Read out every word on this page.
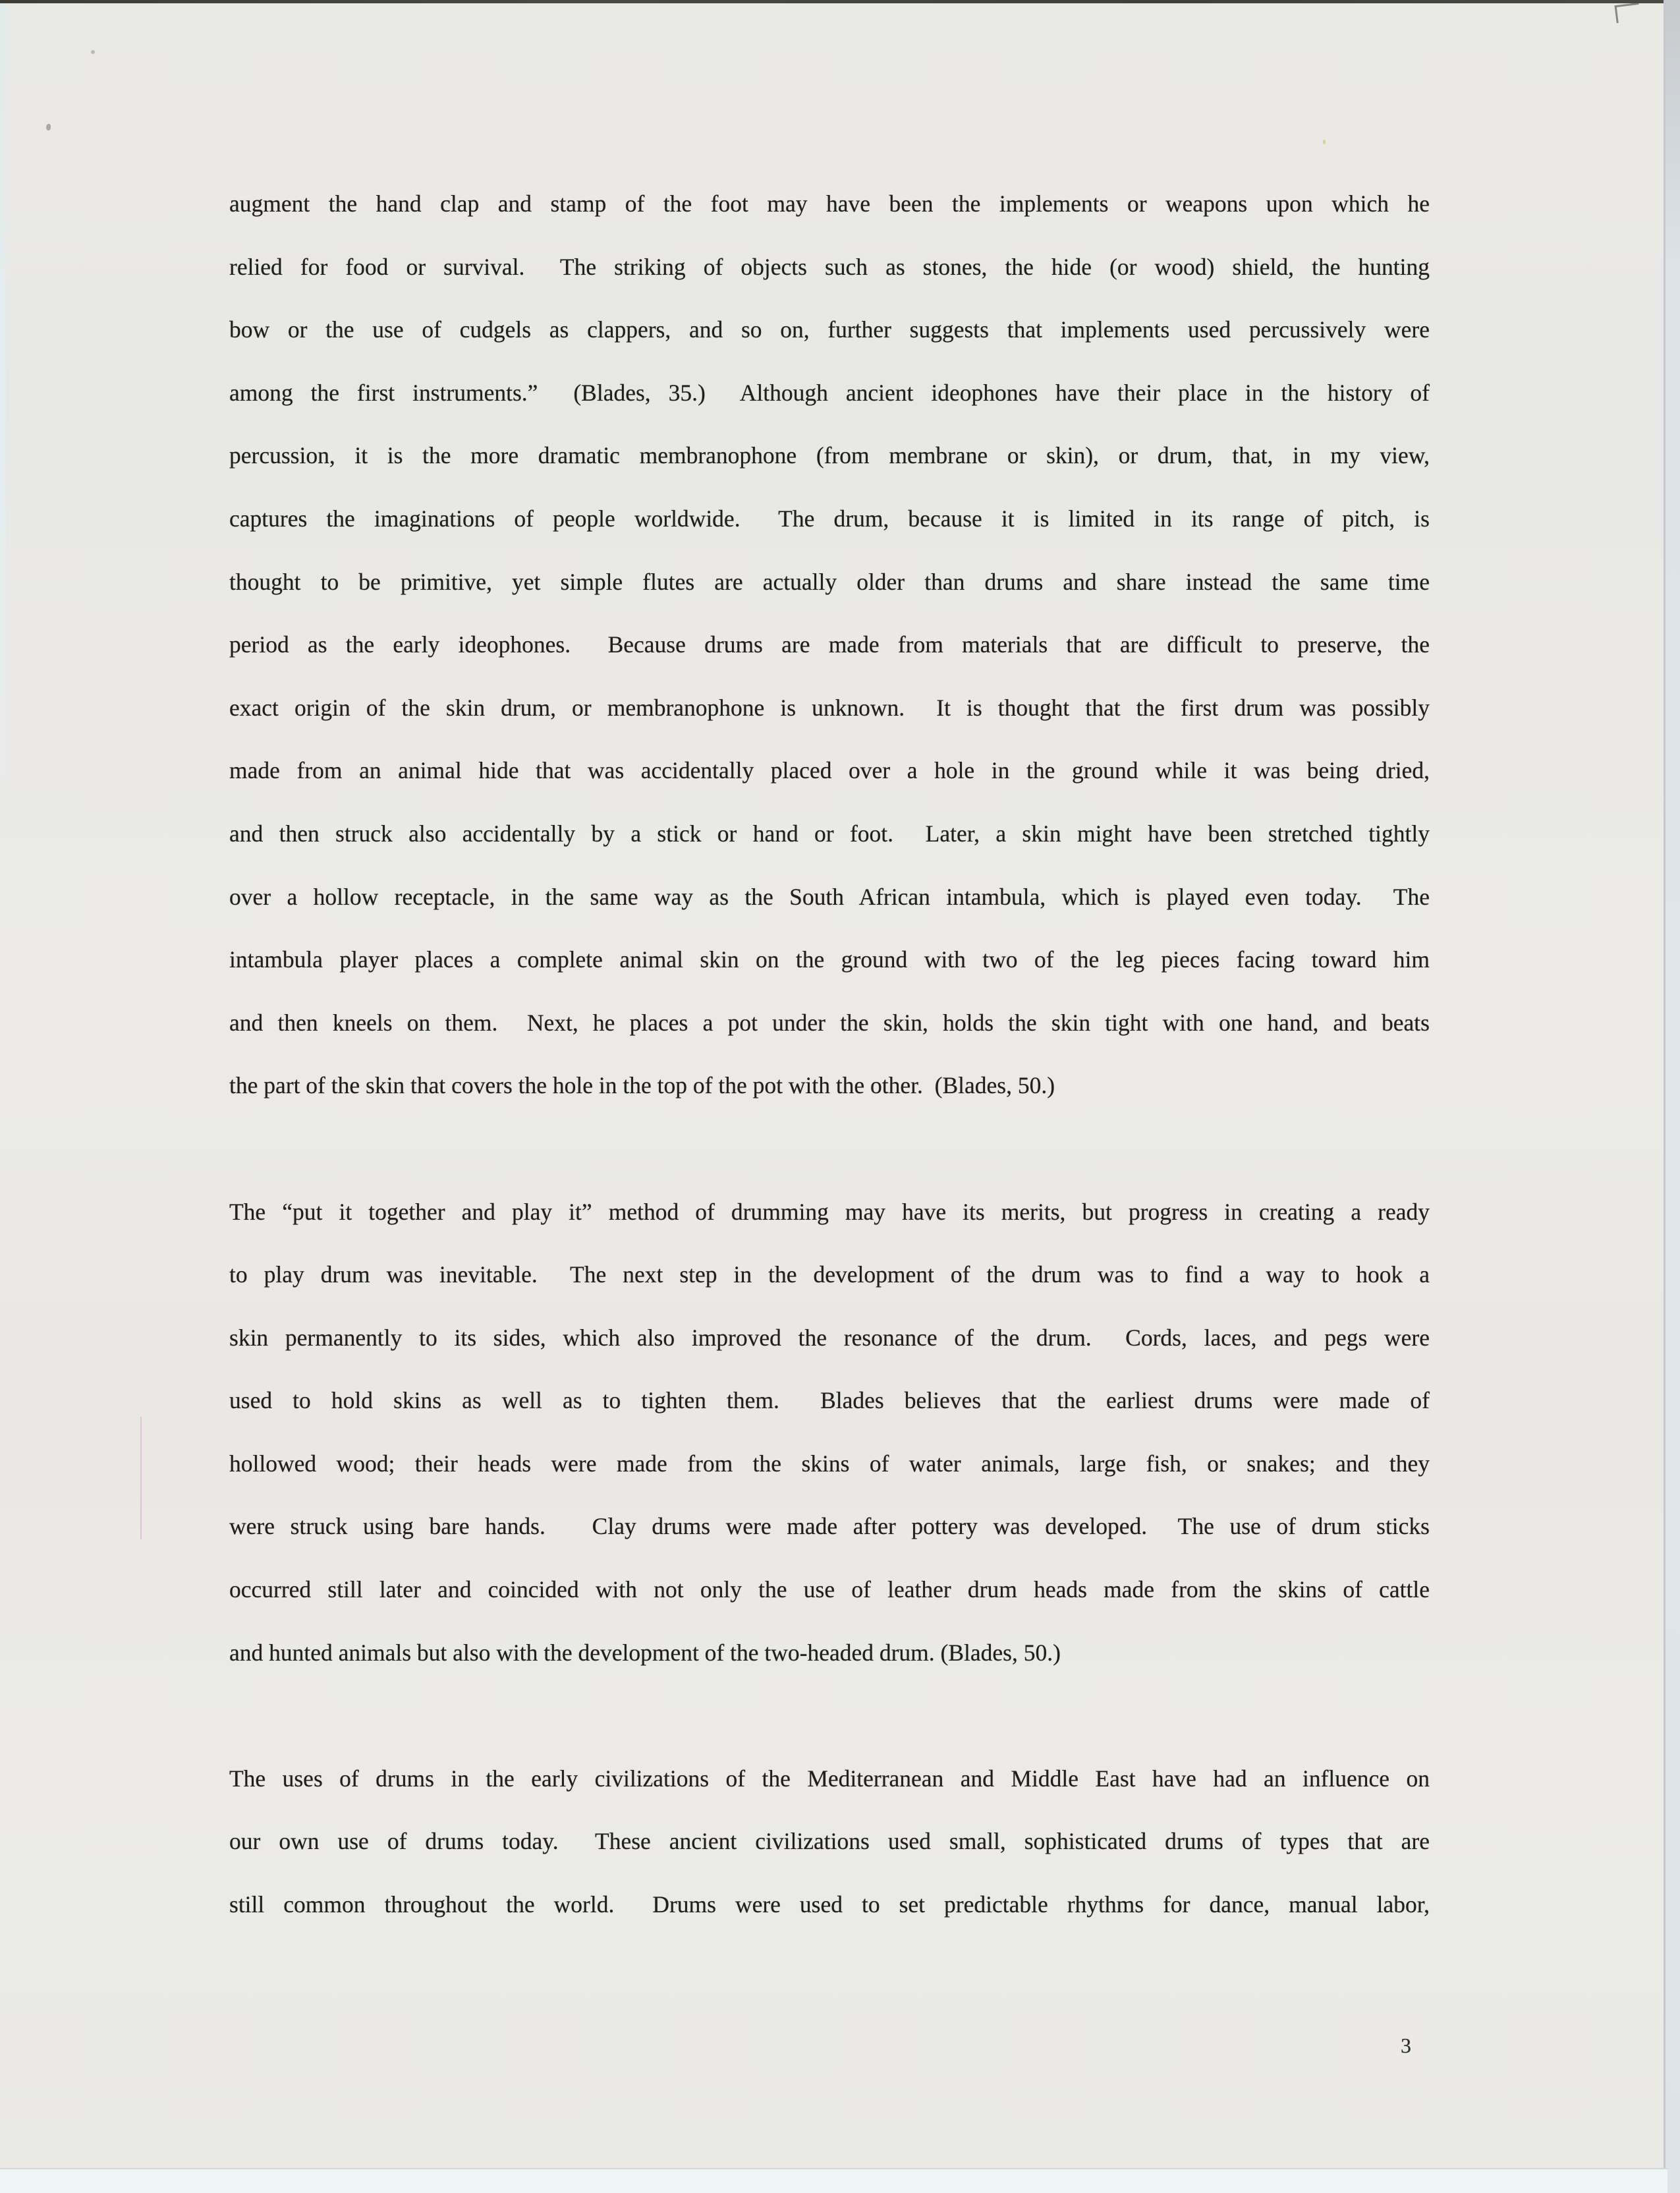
augment the hand clap and stamp of the foot may have been the implements or weapons upon which he
relied for food or survival.  The striking of objects such as stones, the hide (or wood) shield, the hunting
bow or the use of cudgels as clappers, and so on, further suggests that implements used percussively were
among the first instruments.”  (Blades, 35.)  Although ancient ideophones have their place in the history of
percussion, it is the more dramatic membranophone (from membrane or skin), or drum, that, in my view,
captures the imaginations of people worldwide.  The drum, because it is limited in its range of pitch, is
thought to be primitive, yet simple flutes are actually older than drums and share instead the same time
period as the early ideophones.  Because drums are made from materials that are difficult to preserve, the
exact origin of the skin drum, or membranophone is unknown.  It is thought that the first drum was possibly
made from an animal hide that was accidentally placed over a hole in the ground while it was being dried,
and then struck also accidentally by a stick or hand or foot.  Later, a skin might have been stretched tightly
over a hollow receptacle, in the same way as the South African intambula, which is played even today.  The
intambula player places a complete animal skin on the ground with two of the leg pieces facing toward him
and then kneels on them.  Next, he places a pot under the skin, holds the skin tight with one hand, and beats
the part of the skin that covers the hole in the top of the pot with the other.  (Blades, 50.)
The “put it together and play it” method of drumming may have its merits, but progress in creating a ready
to play drum was inevitable.  The next step in the development of the drum was to find a way to hook a
skin permanently to its sides, which also improved the resonance of the drum.  Cords, laces, and pegs were
used to hold skins as well as to tighten them.  Blades believes that the earliest drums were made of
hollowed wood; their heads were made from the skins of water animals, large fish, or snakes; and they
were struck using bare hands.   Clay drums were made after pottery was developed.  The use of drum sticks
occurred still later and coincided with not only the use of leather drum heads made from the skins of cattle
and hunted animals but also with the development of the two-headed drum. (Blades, 50.)
The uses of drums in the early civilizations of the Mediterranean and Middle East have had an influence on
our own use of drums today.  These ancient civilizations used small, sophisticated drums of types that are
still common throughout the world.  Drums were used to set predictable rhythms for dance, manual labor,
3
